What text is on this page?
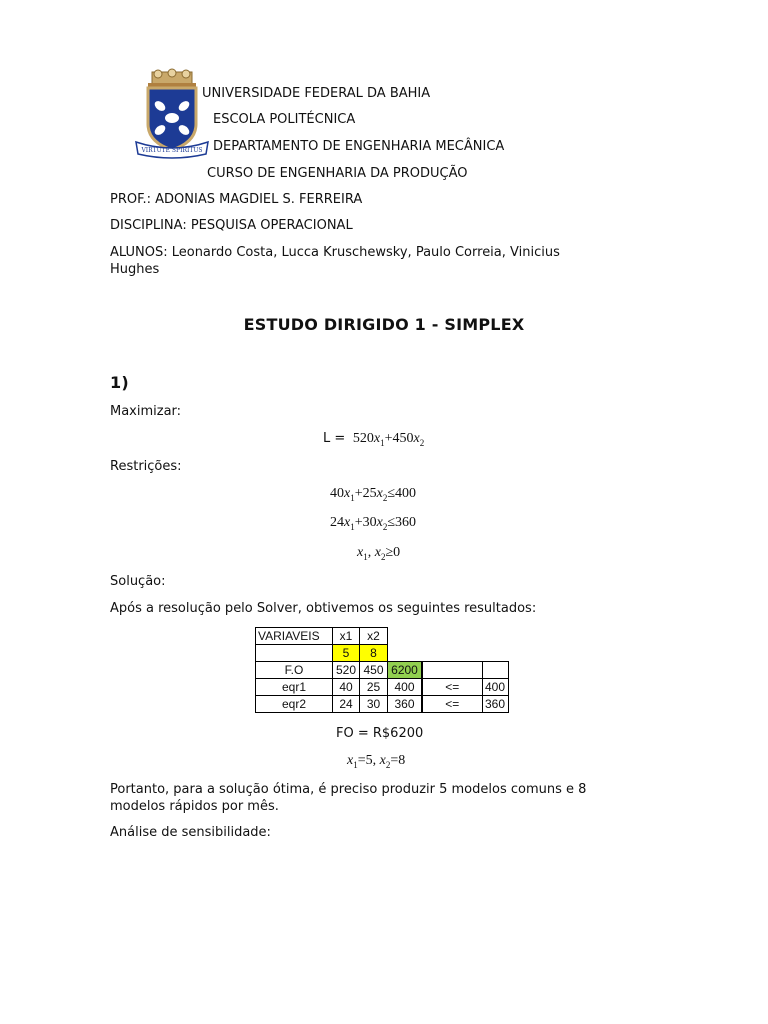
VIRTUTE SPIRITUS
UNIVERSIDADE FEDERAL DA BAHIA
ESCOLA POLITÉCNICA
DEPARTAMENTO DE ENGENHARIA MECÂNICA
CURSO DE ENGENHARIA DA PRODUÇÃO
PROF.: ADONIAS MAGDIEL S. FERREIRA
DISCIPLINA: PESQUISA OPERACIONAL
ALUNOS: Leonardo Costa, Lucca Kruschewsky, Paulo Correia, Vinicius
Hughes
ESTUDO DIRIGIDO 1 - SIMPLEX
1)
Maximizar:
$L = 520x_1+450x_2$
Restrições:
$40x_1+25x_2\le 400$
$24x_1+30x_2\le 360$
$x_1$, $x_2\ge 0$
Solução:
Após a resolução pelo Solver, obtivemos os seguintes resultados:
VARIAVEIS	x1	x2			
	5	8			
F.O	520	450	6200		
eqr1	40	25	400	<=	400
eqr2	24	30	360	<=	360
FO = R$6200
$x_1=5$, $x_2=8$
Portanto, para a solução ótima, é preciso produzir 5 modelos comuns e 8
modelos rápidos por mês.
Análise de sensibilidade:
